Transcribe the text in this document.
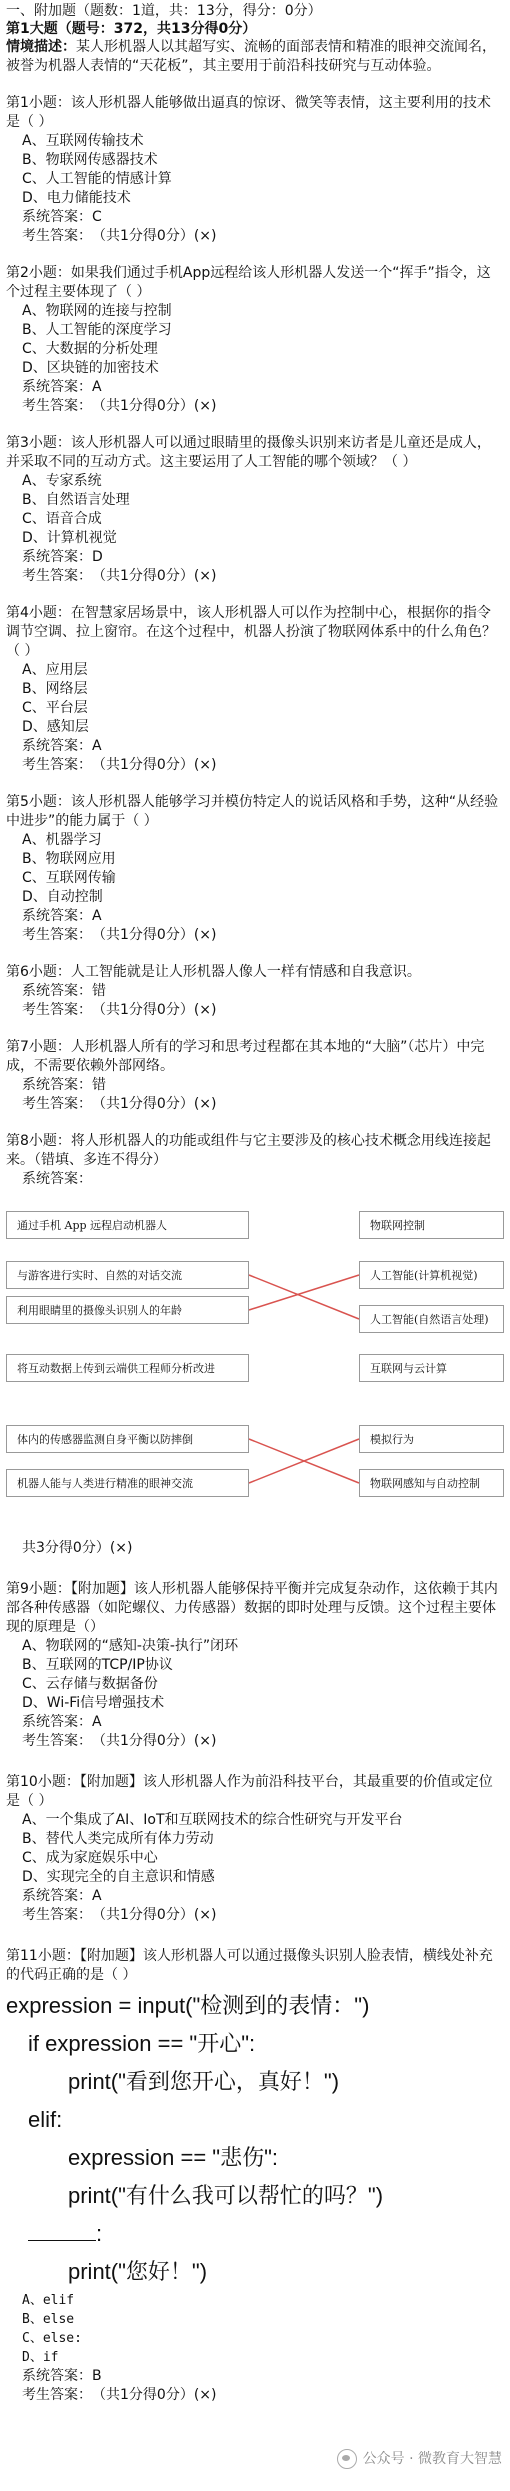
一、附加题（题数：1道，共：13分，得分：0分）
第1大题（题号：372，共13分得0分）
情境描述：某人形机器人以其超写实、流畅的面部表情和精准的眼神交流闻名，被誉为机器人表情的“天花板”，其主要用于前沿科技研究与互动体验。
第1小题：该人形机器人能够做出逼真的惊讶、微笑等表情，这主要利用的技术是（ ）
A、互联网传输技术
B、物联网传感器技术
C、人工智能的情感计算
D、电力储能技术
系统答案：C
考生答案：　（共1分得0分）(×)
第2小题：如果我们通过手机App远程给该人形机器人发送一个“挥手”指令，这个过程主要体现了（ ）
A、物联网的连接与控制
B、人工智能的深度学习
C、大数据的分析处理
D、区块链的加密技术
系统答案：A
考生答案：　（共1分得0分）(×)
第3小题：该人形机器人可以通过眼睛里的摄像头识别来访者是儿童还是成人，并采取不同的互动方式。这主要运用了人工智能的哪个领域？（ ）
A、专家系统
B、自然语言处理
C、语音合成
D、计算机视觉
系统答案：D
考生答案：　（共1分得0分）(×)
第4小题：在智慧家居场景中，该人形机器人可以作为控制中心，根据你的指令调节空调、拉上窗帘。在这个过程中，机器人扮演了物联网体系中的什么角色？（ ）
A、应用层
B、网络层
C、平台层
D、感知层
系统答案：A
考生答案：　（共1分得0分）(×)
第5小题：该人形机器人能够学习并模仿特定人的说话风格和手势，这种“从经验中进步”的能力属于（ ）
A、机器学习
B、物联网应用
C、互联网传输
D、自动控制
系统答案：A
考生答案：　（共1分得0分）(×)
第6小题：人工智能就是让人形机器人像人一样有情感和自我意识。
系统答案：错
考生答案：　（共1分得0分）(×)
第7小题：人形机器人所有的学习和思考过程都在其本地的“大脑”（芯片）中完成，不需要依赖外部网络。
系统答案：错
考生答案：　（共1分得0分）(×)
第8小题：将人形机器人的功能或组件与它主要涉及的核心技术概念用线连接起来。（错填、多连不得分）
系统答案：
通过手机 App 远程启动机器人
与游客进行实时、自然的对话交流
利用眼睛里的摄像头识别人的年龄
将互动数据上传到云端供工程师分析改进
体内的传感器监测自身平衡以防摔倒
机器人能与人类进行精准的眼神交流
物联网控制
人工智能(计算机视觉)
人工智能(自然语言处理)
互联网与云计算
模拟行为
物联网感知与自动控制
共3分得0分）(×)
第9小题：【附加题】该人形机器人能够保持平衡并完成复杂动作，这依赖于其内部各种传感器（如陀螺仪、力传感器）数据的即时处理与反馈。这个过程主要体现的原理是（）
A、物联网的“感知-决策-执行”闭环
B、互联网的TCP/IP协议
C、云存储与数据备份
D、Wi-Fi信号增强技术
系统答案：A
考生答案：　（共1分得0分）(×)
第10小题：【附加题】该人形机器人作为前沿科技平台，其最重要的价值或定位是（ ）
A、一个集成了AI、IoT和互联网技术的综合性研究与开发平台
B、替代人类完成所有体力劳动
C、成为家庭娱乐中心
D、实现完全的自主意识和情感
系统答案：A
考生答案：　（共1分得0分）(×)
第11小题：【附加题】该人形机器人可以通过摄像头识别人脸表情，横线处补充的代码正确的是（ ）
expression = input("检测到的表情：")
if expression == "开心":
print("看到您开心，真好！")
elif:
expression == "悲伤":
print("有什么我可以帮忙的吗？")
:
print("您好！")
A、elif
B、else
C、else:
D、if
系统答案：B
考生答案：　（共1分得0分）(×)
公众号 · 微教育大智慧
